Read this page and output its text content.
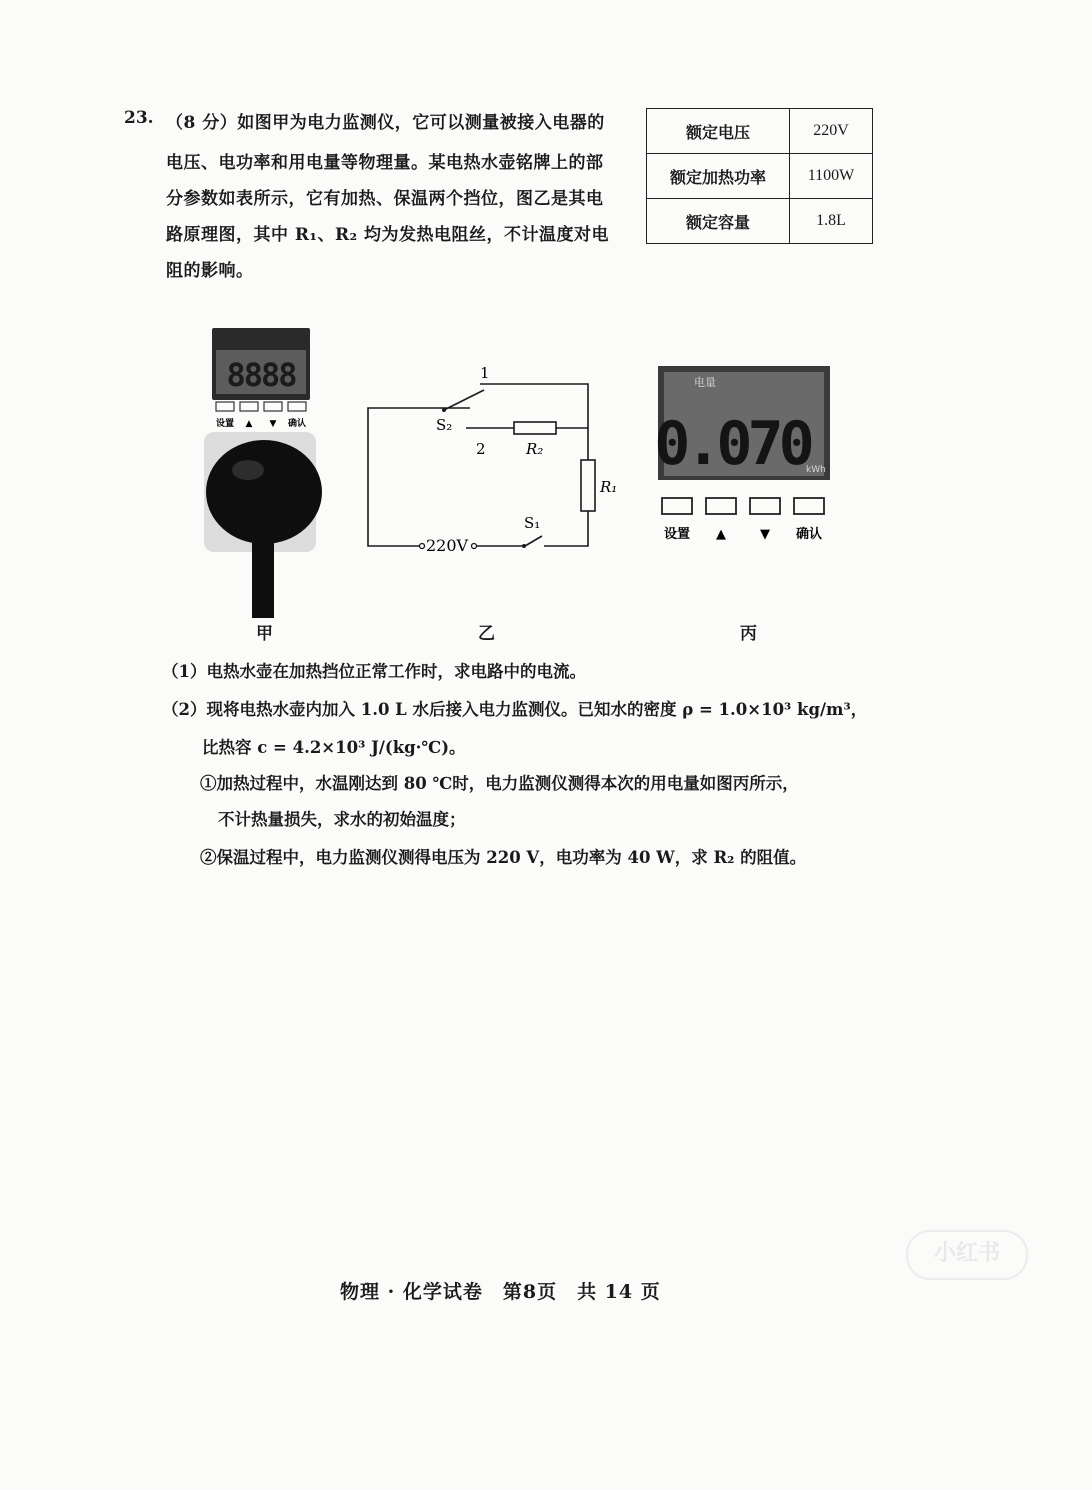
23. （8 分）如图甲为电力监测仪，它可以测量被接入电器的
电压、电功率和用电量等物理量。某电热水壶铭牌上的部
分参数如表所示，它有加热、保温两个挡位，图乙是其电
路原理图，其中 R₁、R₂ 均为发热电阻丝，不计温度对电
阻的影响。
额定电压	220V
额定加热功率	1100W
额定容量	1.8L
8888
设置 ▲ ▼ 确认
甲
1
2
S₂
R₂
R₁
S₁
220V
乙
电量
0.070
kWh
设置 ▲	▼ 确认
丙
（1）电热水壶在加热挡位正常工作时，求电路中的电流。
（2）现将电热水壶内加入 1.0 L 水后接入电力监测仪。已知水的密度 ρ = 1.0×10³ kg/m³，
比热容 c = 4.2×10³ J/(kg·℃)。
①加热过程中，水温刚达到 80 ℃时，电力监测仪测得本次的用电量如图丙所示，
不计热量损失，求水的初始温度；
②保温过程中，电力监测仪测得电压为 220 V，电功率为 40 W，求 R₂ 的阻值。
小红书
物理 · 化学试卷　第8页　共 14 页
